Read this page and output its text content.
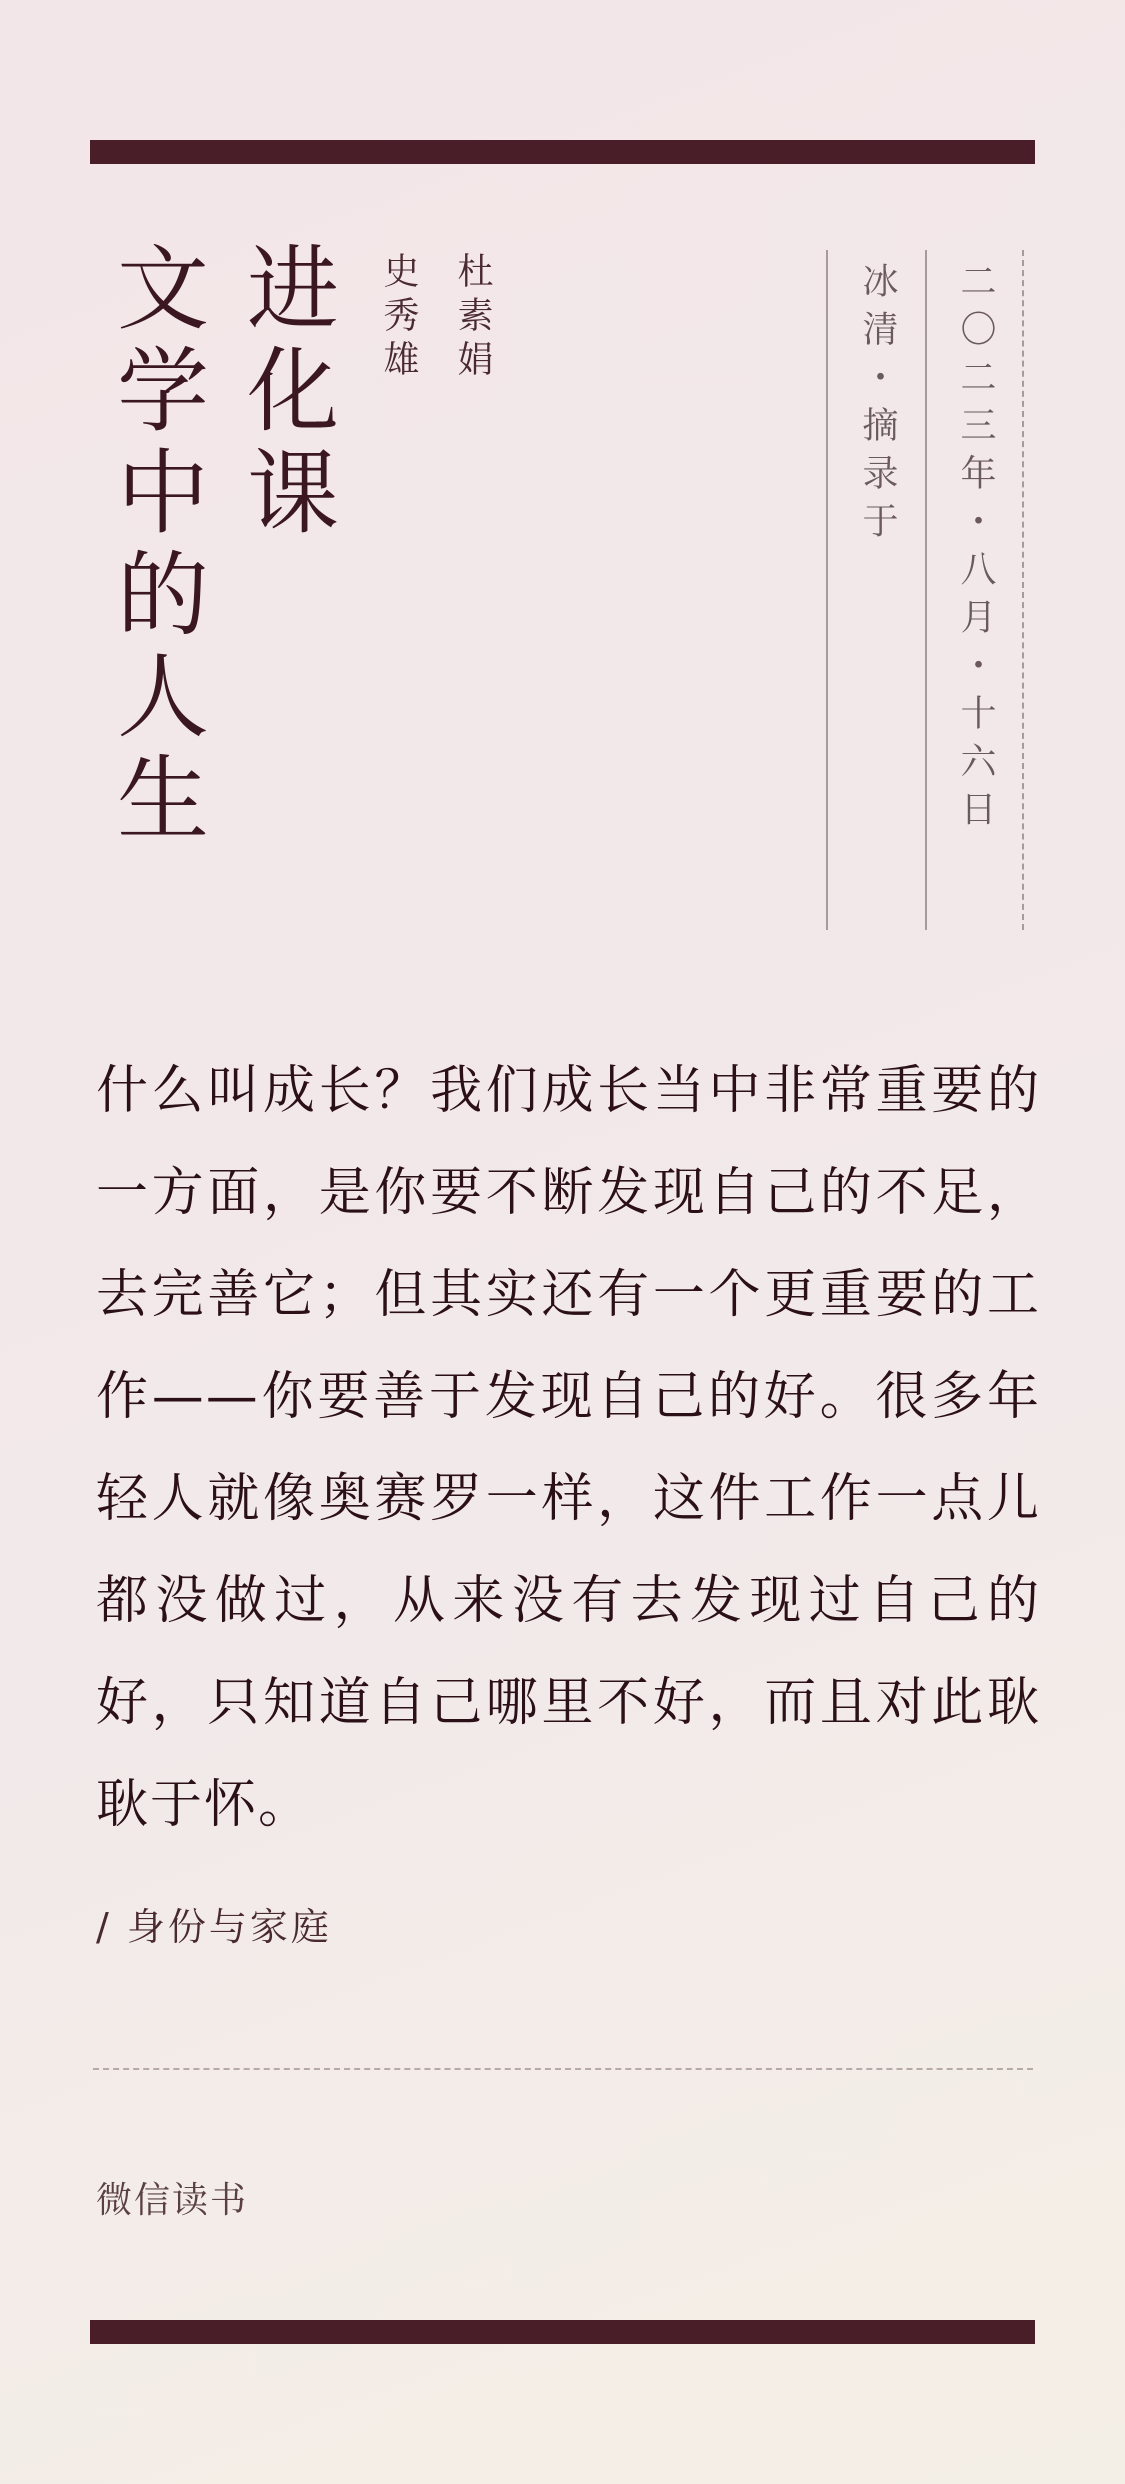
进化课
文学中的人生	杜素娟
史秀雄	冰清・摘录于 二〇二三年・八月・十六日

什么叫成长？我们成长当中非常重要的一方面，是你要不断发现自己的不足，去完善它；但其实还有一个更重要的工作——你要善于发现自己的好。很多年轻人就像奥赛罗一样，这件工作一点儿都没做过，从来没有去发现过自己的好，只知道自己哪里不好，而且对此耿耿于怀。

/ 身份与家庭
微信读书
